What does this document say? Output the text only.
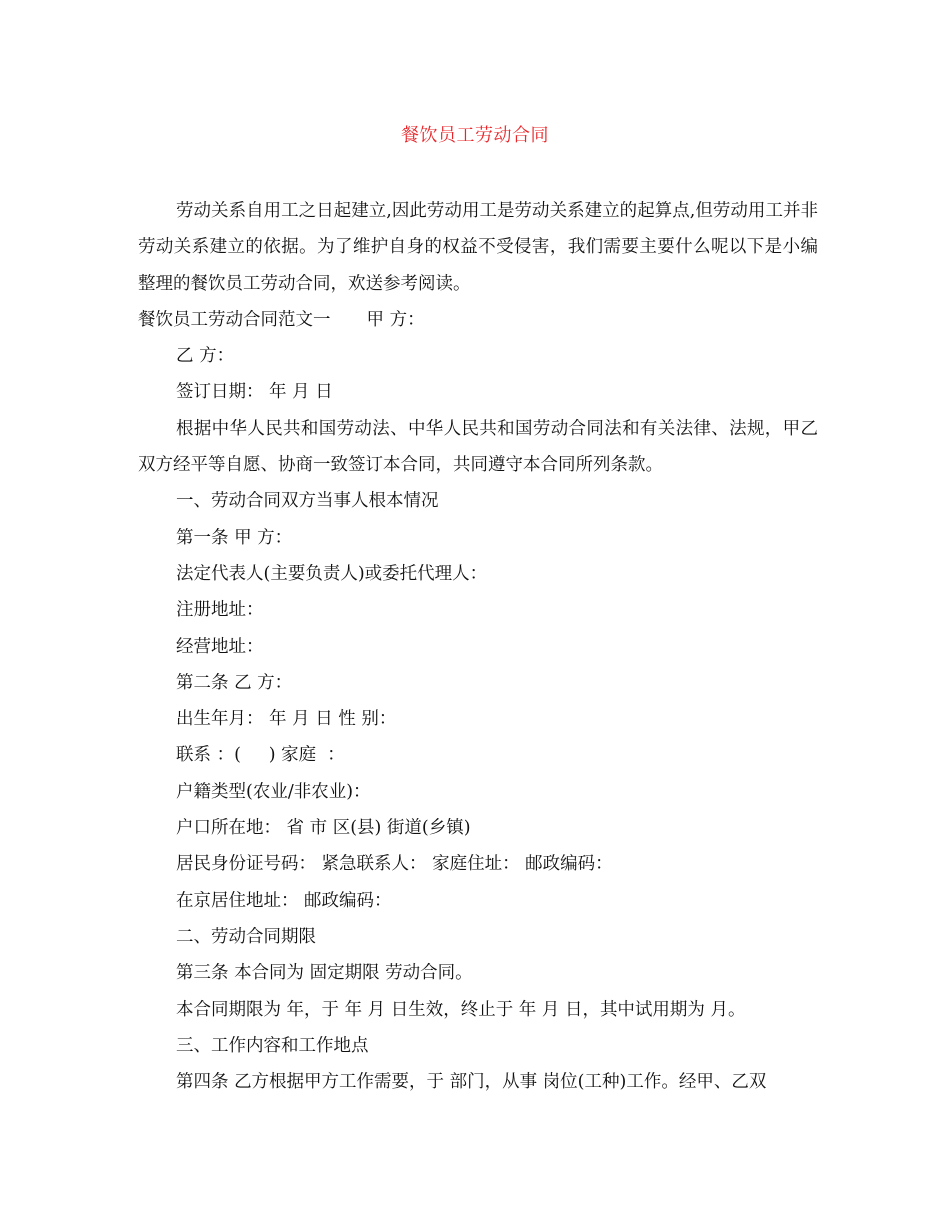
餐饮员工劳动合同

劳动关系自用工之日起建立,因此劳动用工是劳动关系建立的起算点,但劳动用工并非劳动关系建立的依据。为了维护自身的权益不受侵害，我们需要主要什么呢以下是小编整理的餐饮员工劳动合同，欢送参考阅读。

餐饮员工劳动合同范文一 甲 方：

乙 方：

签订日期： 年 月 日

根据中华人民共和国劳动法、中华人民共和国劳动合同法和有关法律、法规，甲乙双方经平等自愿、协商一致签订本合同，共同遵守本合同所列条款。

一、劳动合同双方当事人根本情况

第一条 甲 方：

法定代表人(主要负责人)或委托代理人：

注册地址：

经营地址：

第二条 乙 方：

出生年月： 年 月 日 性 别：

联系 ：(     ) 家庭  ：

户籍类型(农业/非农业)：

户口所在地： 省 市 区(县) 街道(乡镇)

居民身份证号码： 紧急联系人： 家庭住址： 邮政编码：

在京居住地址： 邮政编码：

二、劳动合同期限

第三条 本合同为 固定期限 劳动合同。

本合同期限为 年，于 年 月 日生效，终止于 年 月 日，其中试用期为 月。

三、工作内容和工作地点

第四条 乙方根据甲方工作需要，于 部门，从事 岗位(工种)工作。经甲、乙双
